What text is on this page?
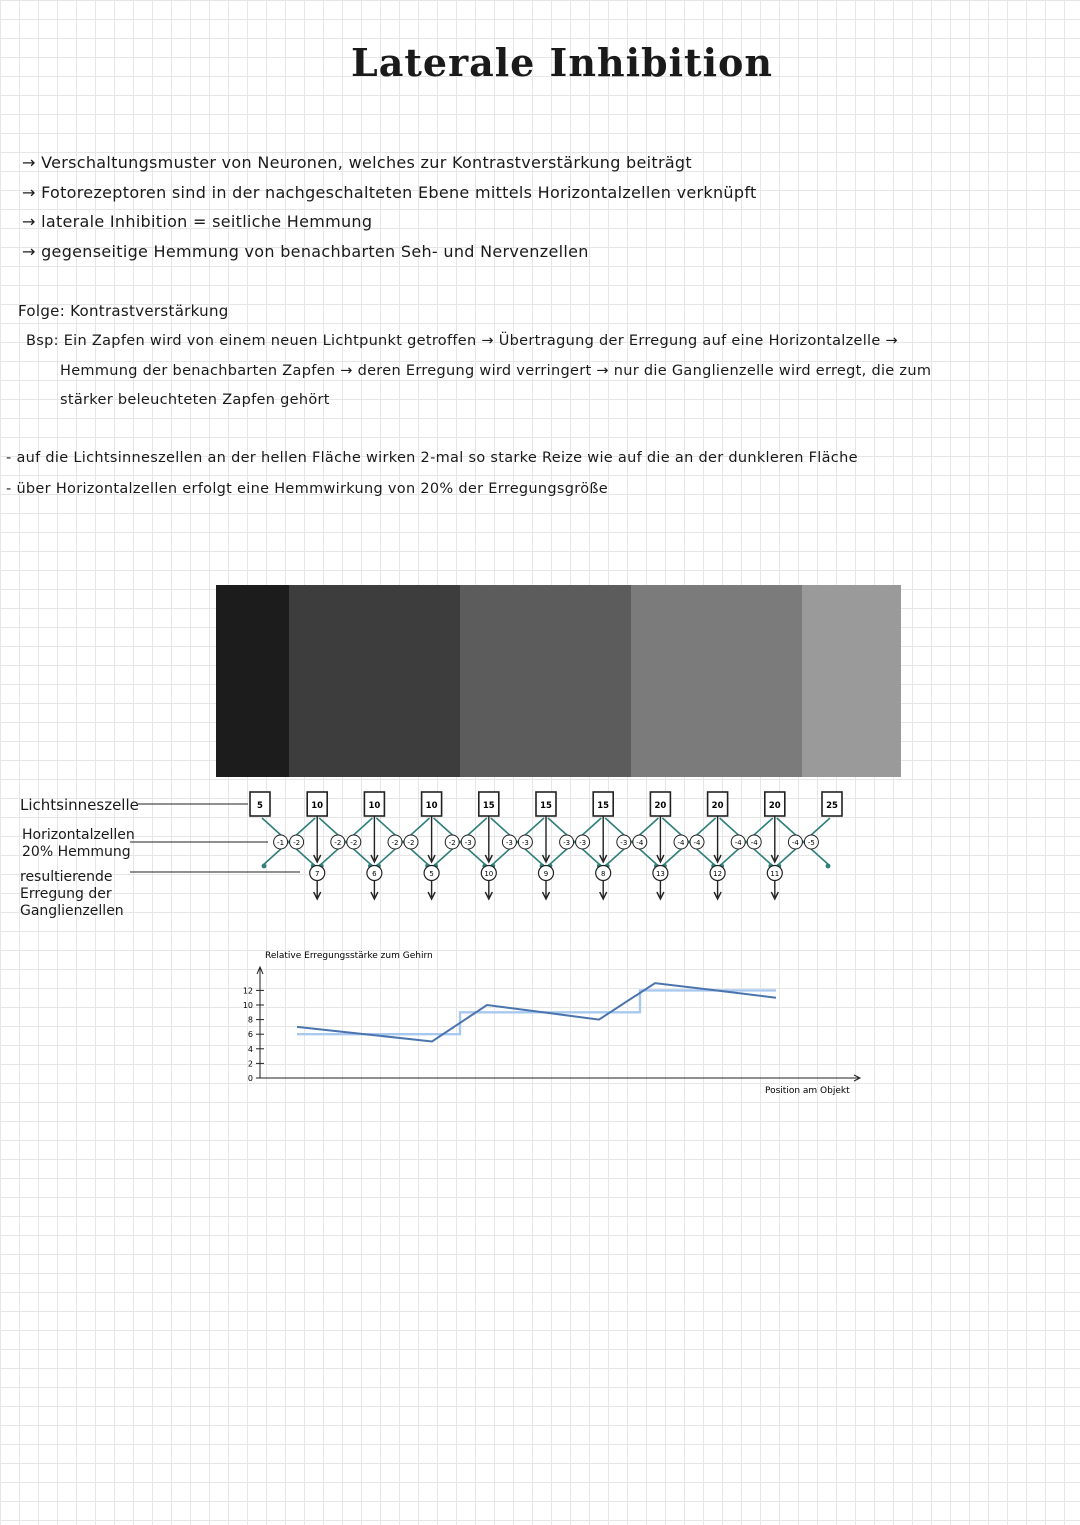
Laterale Inhibition
→ Verschaltungsmuster von Neuronen, welches zur Kontrastverstärkung beiträgt
→ Fotorezeptoren sind in der nachgeschalteten Ebene mittels Horizontalzellen verknüpft
→ laterale Inhibition = seitliche Hemmung
→ gegenseitige Hemmung von benachbarten Seh- und Nervenzellen
Folge: Kontrastverstärkung
Bsp: Ein Zapfen wird von einem neuen Lichtpunkt getroffen → Übertragung der Erregung auf eine Horizontalzelle →
Hemmung der benachbarten Zapfen → deren Erregung wird verringert → nur die Ganglienzelle wird erregt, die zum
stärker beleuchteten Zapfen gehört
- auf die Lichtsinneszellen an der hellen Fläche wirken 2-mal so starke Reize wie auf die an der dunkleren Fläche
- über Horizontalzellen erfolgt eine Hemmwirkung von 20% der Erregungsgröße
Lichtsinneszelle
Horizontalzellen
20% Hemmung
resultierende
Erregung der
Ganglienzellen
5	10	10	10	15	15	15	20	20	20	25
-1 -2	-2 -2	-2 -2	-2 -3	-3 -3	-3 -3	-3 -4	-4 -4	-4 -4	-4 -5
7	6	5	10	9	8	13	12	11
Relative Erregungsstärke zum Gehirn
Position am Objekt
0
2
4
6
8
10
12
